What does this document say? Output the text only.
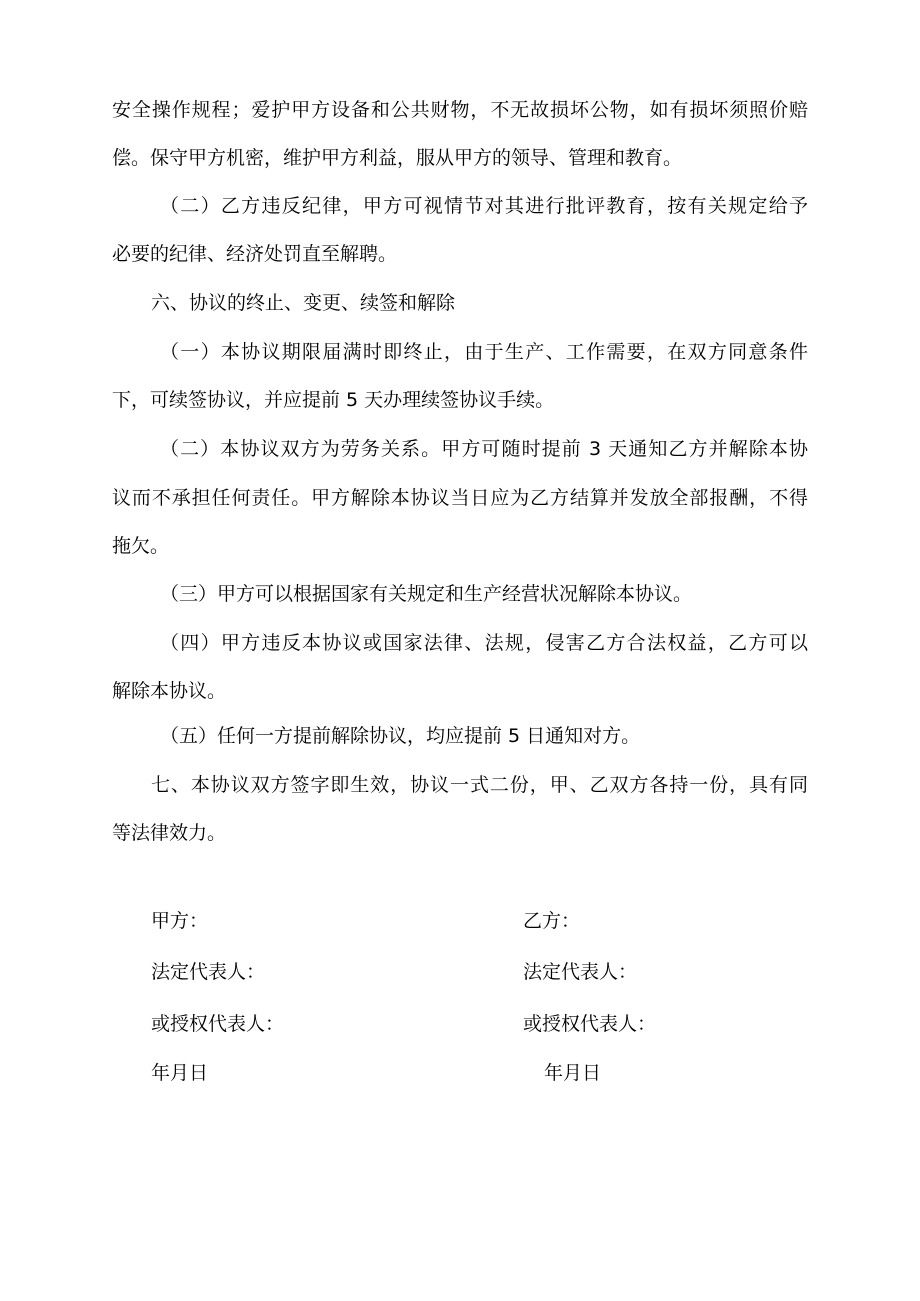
安全操作规程；爱护甲方设备和公共财物，不无故损坏公物，如有损坏须照价赔

偿。保守甲方机密，维护甲方利益，服从甲方的领导、管理和教育。

（二）乙方违反纪律，甲方可视情节对其进行批评教育，按有关规定给予

必要的纪律、经济处罚直至解聘。

六、协议的终止、变更、续签和解除

（一）本协议期限届满时即终止，由于生产、工作需要，在双方同意条件

下，可续签协议，并应提前 5 天办理续签协议手续。

（二）本协议双方为劳务关系。甲方可随时提前 3 天通知乙方并解除本协

议而不承担任何责任。甲方解除本协议当日应为乙方结算并发放全部报酬，不得

拖欠。

（三）甲方可以根据国家有关规定和生产经营状况解除本协议。

（四）甲方违反本协议或国家法律、法规，侵害乙方合法权益，乙方可以

解除本协议。

（五）任何一方提前解除协议，均应提前 5 日通知对方。

七、本协议双方签字即生效，协议一式二份，甲、乙双方各持一份，具有同

等法律效力。

甲方：

法定代表人：

或授权代表人：

年月日

乙方：

法定代表人：

或授权代表人：

年月日
